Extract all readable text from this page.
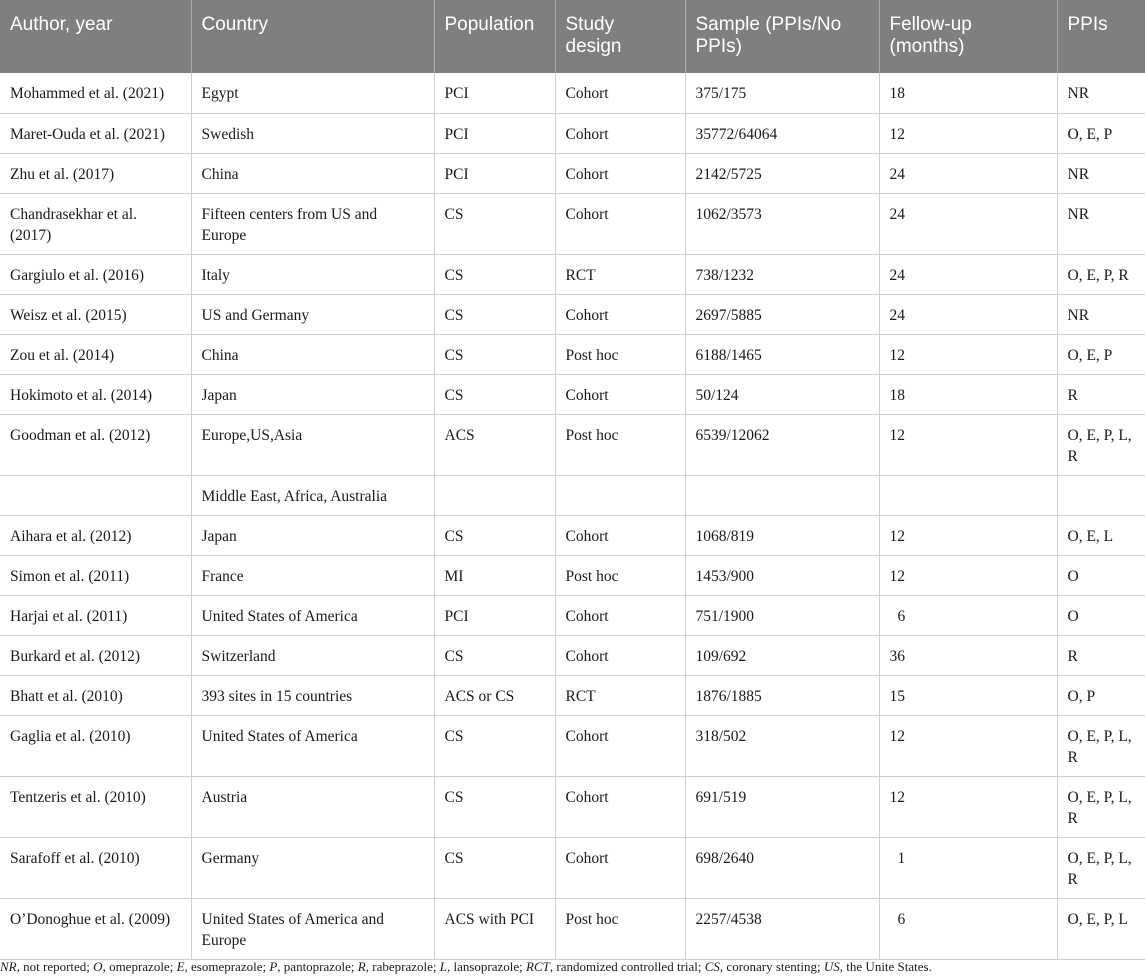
Author, year	Country	Population	Study design	Sample (PPIs/No PPIs)	Fellow-up (months)	PPIs
Mohammed et al. (2021)	Egypt	PCI	Cohort	375/175	18	NR
Maret-Ouda et al. (2021)	Swedish	PCI	Cohort	35772/64064	12	O, E, P
Zhu et al. (2017)	China	PCI	Cohort	2142/5725	24	NR
Chandrasekhar et al. (2017)	Fifteen centers from US and Europe	CS	Cohort	1062/3573	24	NR
Gargiulo et al. (2016)	Italy	CS	RCT	738/1232	24	O, E, P, R
Weisz et al. (2015)	US and Germany	CS	Cohort	2697/5885	24	NR
Zou et al. (2014)	China	CS	Post hoc	6188/1465	12	O, E, P
Hokimoto et al. (2014)	Japan	CS	Cohort	50/124	18	R
Goodman et al. (2012)	Europe,US,Asia	ACS	Post hoc	6539/12062	12	O, E, P, L, R
	Middle East, Africa, Australia					
Aihara et al. (2012)	Japan	CS	Cohort	1068/819	12	O, E, L
Simon et al. (2011)	France	MI	Post hoc	1453/900	12	O
Harjai et al. (2011)	United States of America	PCI	Cohort	751/1900	6	O
Burkard et al. (2012)	Switzerland	CS	Cohort	109/692	36	R
Bhatt et al. (2010)	393 sites in 15 countries	ACS or CS	RCT	1876/1885	15	O, P
Gaglia et al. (2010)	United States of America	CS	Cohort	318/502	12	O, E, P, L, R
Tentzeris et al. (2010)	Austria	CS	Cohort	691/519	12	O, E, P, L, R
Sarafoff et al. (2010)	Germany	CS	Cohort	698/2640	1	O, E, P, L, R
O’Donoghue et al. (2009)	United States of America and Europe	ACS with PCI	Post hoc	2257/4538	6	O, E, P, L
NR, not reported; O, omeprazole; E, esomeprazole; P, pantoprazole; R, rabeprazole; L, lansoprazole; RCT, randomized controlled trial; CS, coronary stenting; US, the Unite States.
